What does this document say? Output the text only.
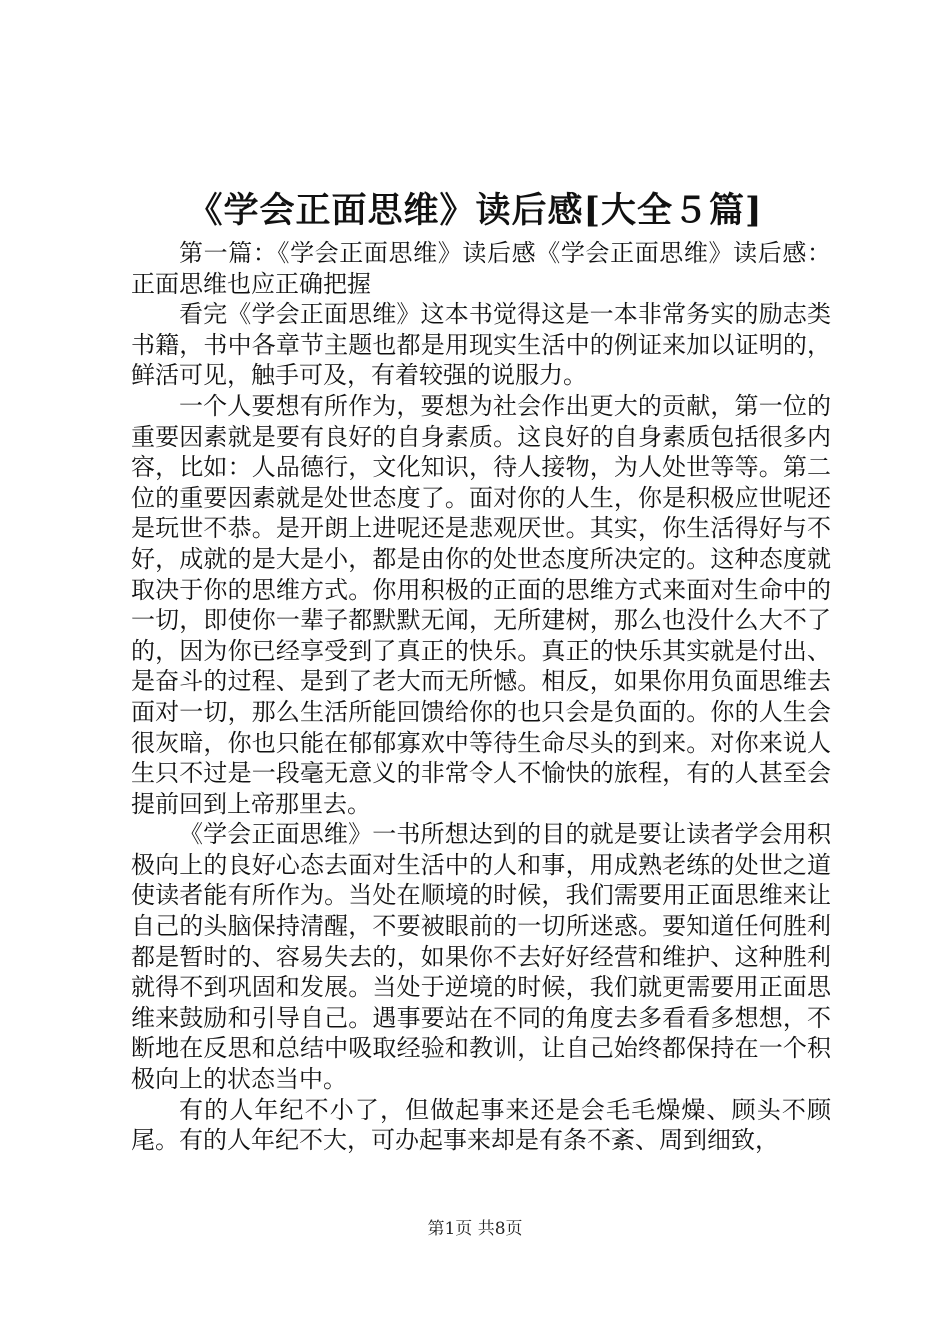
《学会正面思维》读后感[大全５篇]

第一篇：《学会正面思维》读后感《学会正面思维》读后感：正面思维也应正确把握

看完《学会正面思维》这本书觉得这是一本非常务实的励志类书籍，书中各章节主题也都是用现实生活中的例证来加以证明的，鲜活可见，触手可及，有着较强的说服力。

一个人要想有所作为，要想为社会作出更大的贡献，第一位的重要因素就是要有良好的自身素质。这良好的自身素质包括很多内容，比如：人品德行，文化知识，待人接物，为人处世等等。第二位的重要因素就是处世态度了。面对你的人生，你是积极应世呢还是玩世不恭。是开朗上进呢还是悲观厌世。其实，你生活得好与不好，成就的是大是小，都是由你的处世态度所决定的。这种态度就取决于你的思维方式。你用积极的正面的思维方式来面对生命中的一切，即使你一辈子都默默无闻，无所建树，那么也没什么大不了的，因为你已经享受到了真正的快乐。真正的快乐其实就是付出、是奋斗的过程、是到了老大而无所憾。相反，如果你用负面思维去面对一切，那么生活所能回馈给你的也只会是负面的。你的人生会很灰暗，你也只能在郁郁寡欢中等待生命尽头的到来。对你来说人生只不过是一段毫无意义的非常令人不愉快的旅程，有的人甚至会提前回到上帝那里去。

《学会正面思维》一书所想达到的目的就是要让读者学会用积极向上的良好心态去面对生活中的人和事，用成熟老练的处世之道使读者能有所作为。当处在顺境的时候，我们需要用正面思维来让自己的头脑保持清醒，不要被眼前的一切所迷惑。要知道任何胜利都是暂时的、容易失去的，如果你不去好好经营和维护、这种胜利就得不到巩固和发展。当处于逆境的时候，我们就更需要用正面思维来鼓励和引导自己。遇事要站在不同的角度去多看看多想想，不断地在反思和总结中吸取经验和教训，让自己始终都保持在一个积极向上的状态当中。

有的人年纪不小了，但做起事来还是会毛毛燥燥、顾头不顾尾。有的人年纪不大，可办起事来却是有条不紊、周到细致，

第1页 共8页
